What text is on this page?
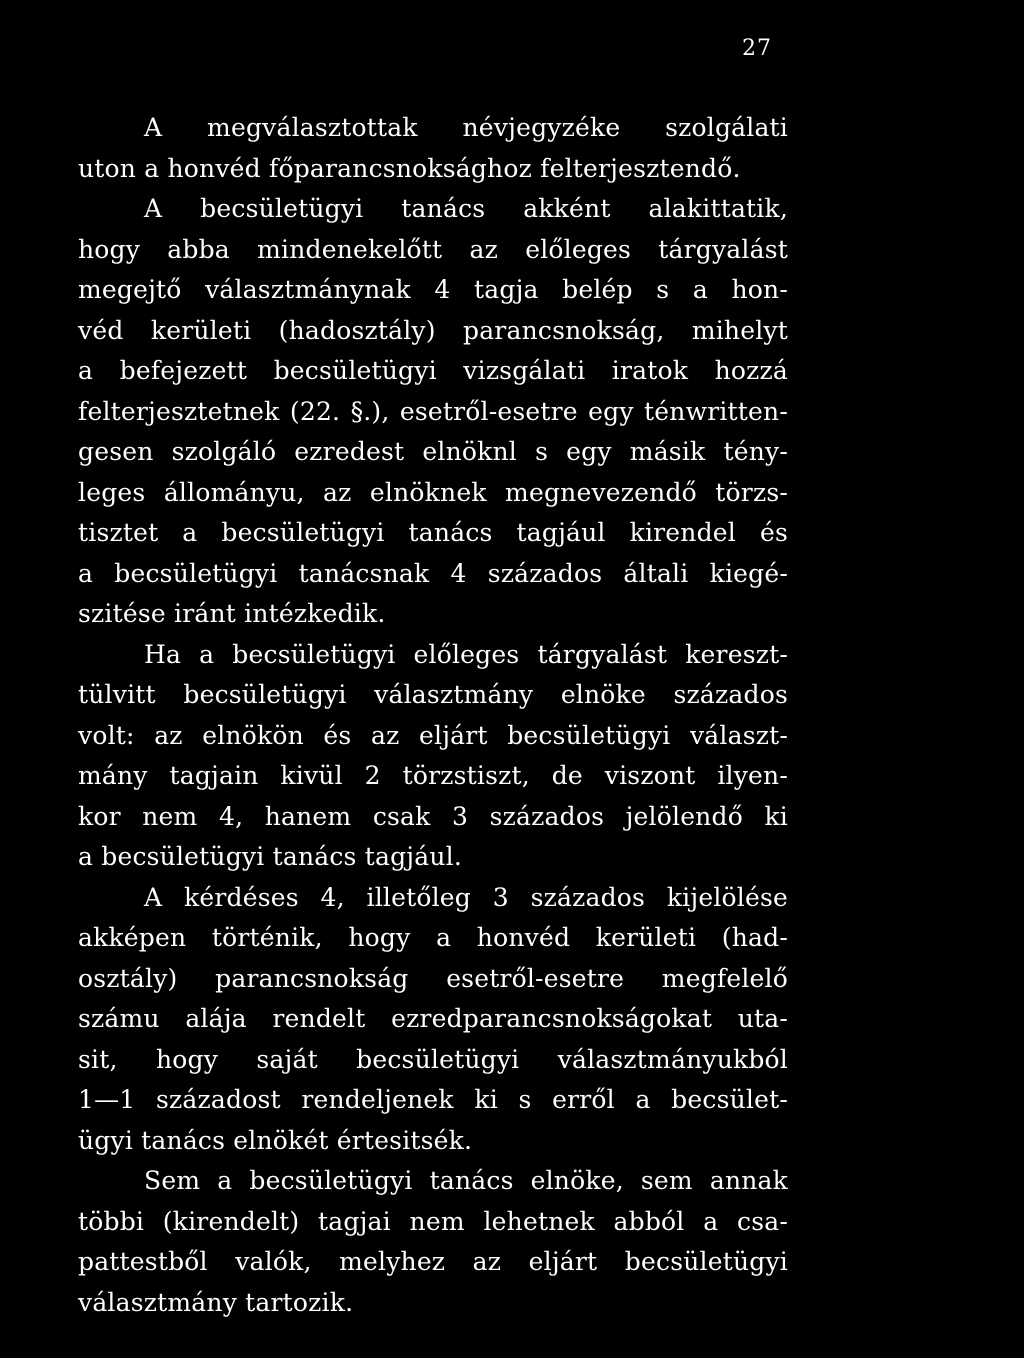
27
A megválasztottak névjegyzéke szolgálati
uton a honvéd főparancsnoksághoz felterjesztendő.
A becsületügyi tanács akként alakittatik,
hogy abba mindenekelőtt az előleges tárgyalást
megejtő választmánynak 4 tagja belép s a hon-
véd kerületi (hadosztály) parancsnokság, mihelyt
a befejezett becsületügyi vizsgálati iratok hozzá
felterjesztetnek (22. §.), esetről-esetre egy ténwritten-
gesen szolgáló ezredest elnöknl s egy másik tény-
leges állományu, az elnöknek megnevezendő törzs-
tisztet a becsületügyi tanács tagjául kirendel és
a becsületügyi tanácsnak 4 százados általi kiegé-
szitése iránt intézkedik.
Ha a becsületügyi előleges tárgyalást kereszt-
tülvitt becsületügyi választmány elnöke százados
volt: az elnökön és az eljárt becsületügyi választ-
mány tagjain kivül 2 törzstiszt, de viszont ilyen-
kor nem 4, hanem csak 3 százados jelölendő ki
a becsületügyi tanács tagjául.
A kérdéses 4, illetőleg 3 százados kijelölése
akképen történik, hogy a honvéd kerületi (had-
osztály) parancsnokság esetről-esetre megfelelő
számu alája rendelt ezredparancsnokságokat uta-
sit, hogy saját becsületügyi választmányukból
1—1 századost rendeljenek ki s erről a becsület-
ügyi tanács elnökét értesitsék.
Sem a becsületügyi tanács elnöke, sem annak
többi (kirendelt) tagjai nem lehetnek abból a csa-
pattestből valók, melyhez az eljárt becsületügyi
választmány tartozik.
